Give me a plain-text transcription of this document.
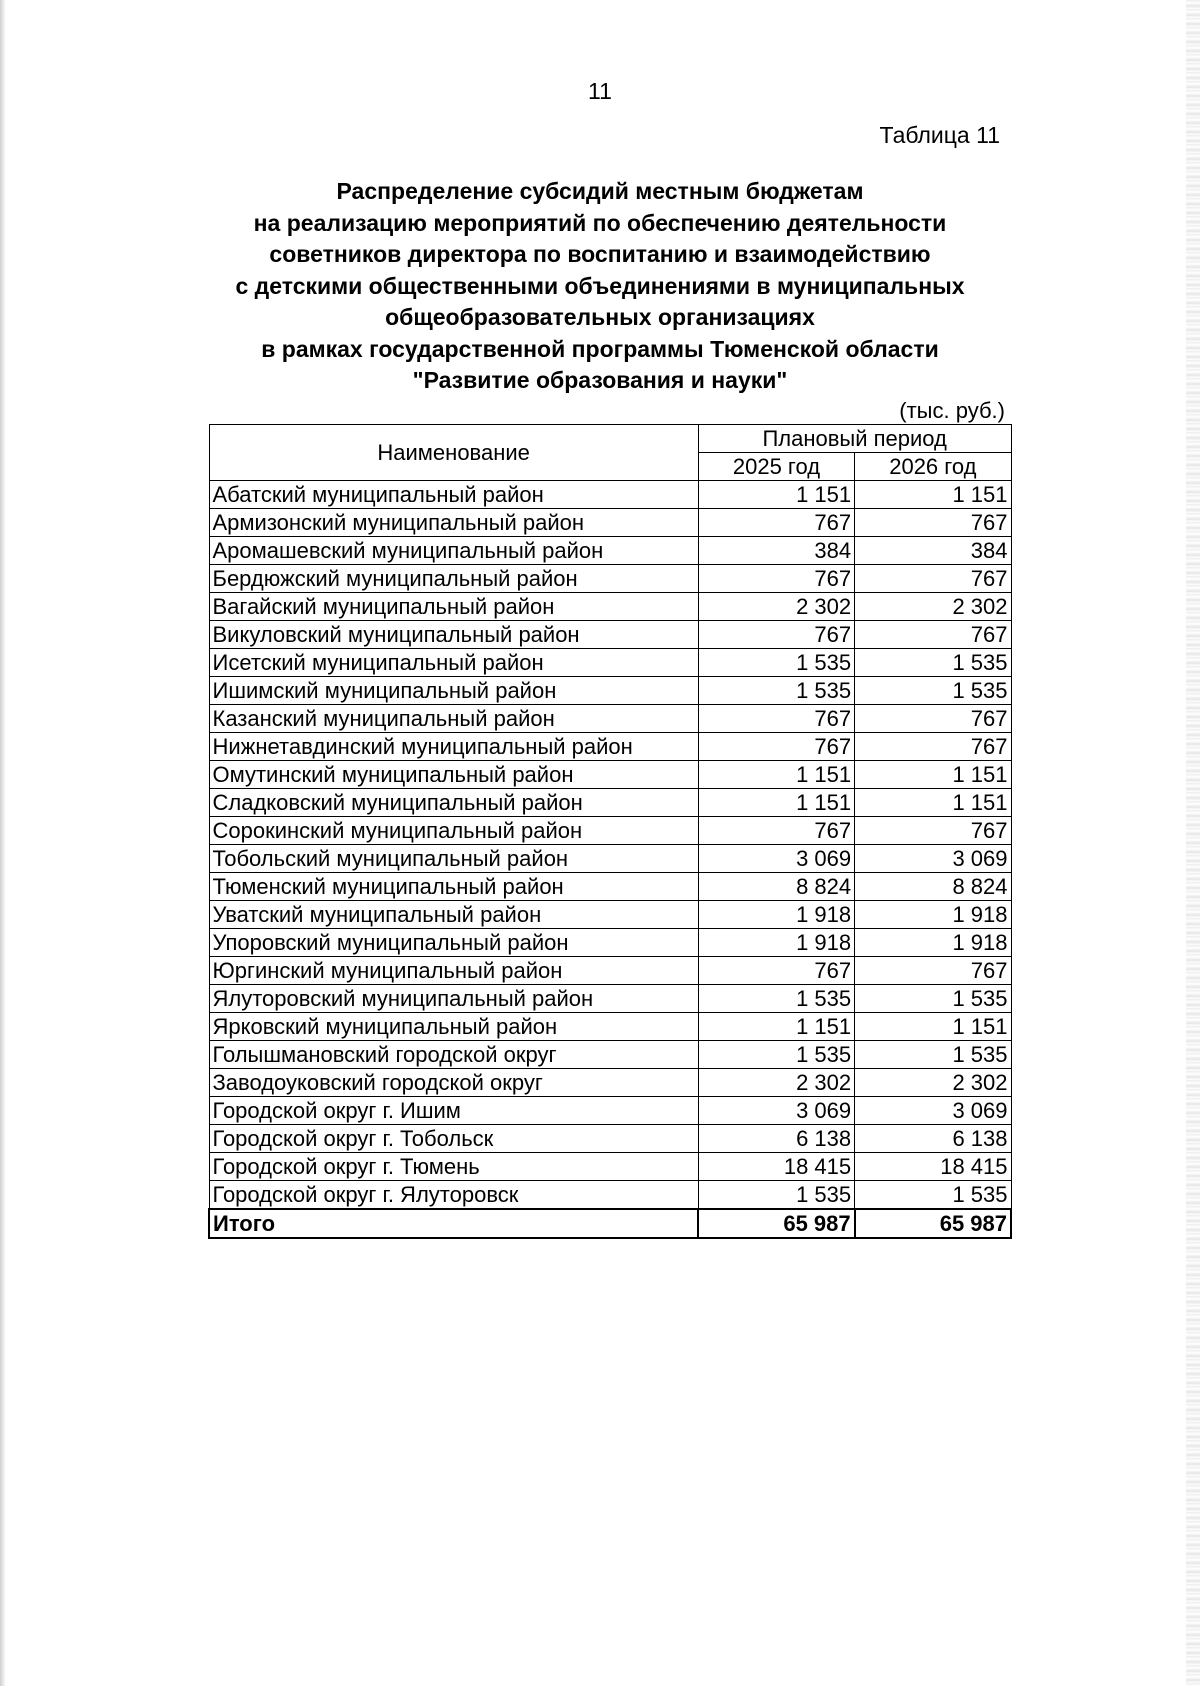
11
Таблица 11
Распределение субсидий местным бюджетам
на реализацию мероприятий по обеспечению деятельности
советников директора по воспитанию и взаимодействию
с детскими общественными объединениями в муниципальных
общеобразовательных организациях
в рамках государственной программы Тюменской области
"Развитие образования и науки"
(тыс. руб.)
Наименование	Плановый период	
	2025 год	2026 год
Абатский муниципальный район	1 151	1 151
Армизонский муниципальный район	767	767
Аромашевский муниципальный район	384	384
Бердюжский муниципальный район	767	767
Вагайский муниципальный район	2 302	2 302
Викуловский муниципальный район	767	767
Исетский муниципальный район	1 535	1 535
Ишимский муниципальный район	1 535	1 535
Казанский муниципальный район	767	767
Нижнетавдинский муниципальный район	767	767
Омутинский муниципальный район	1 151	1 151
Сладковский муниципальный район	1 151	1 151
Сорокинский муниципальный район	767	767
Тобольский муниципальный район	3 069	3 069
Тюменский муниципальный район	8 824	8 824
Уватский муниципальный район	1 918	1 918
Упоровский муниципальный район	1 918	1 918
Юргинский муниципальный район	767	767
Ялуторовский муниципальный район	1 535	1 535
Ярковский муниципальный район	1 151	1 151
Голышмановский городской округ	1 535	1 535
Заводоуковский городской округ	2 302	2 302
Городской округ г. Ишим	3 069	3 069
Городской округ г. Тобольск	6 138	6 138
Городской округ г. Тюмень	18 415	18 415
Городской округ г. Ялуторовск	1 535	1 535
Итого	65 987	65 987
